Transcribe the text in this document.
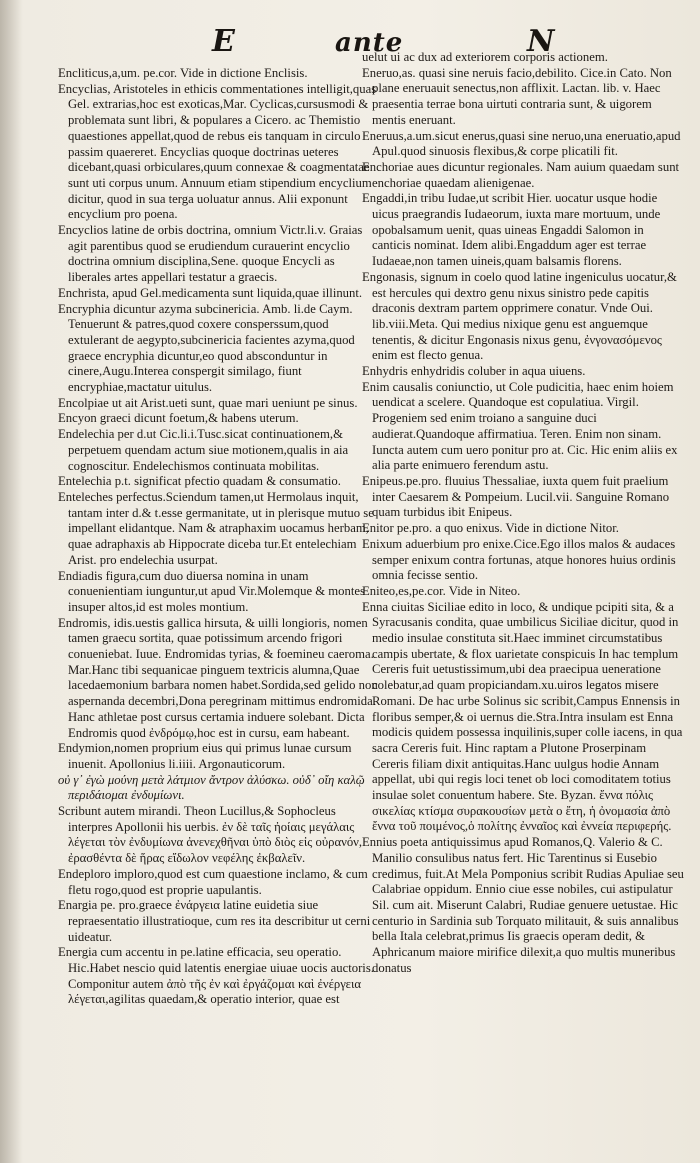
E	ante	N

Encliticus,a,um. pe.cor. Vide in dictione Enclisis.

Encyclias, Aristoteles in ethicis commentationes intelligit,quas Gel. extrarias,hoc est exoticas,Mar. Cyclicas,cursusmodi & problemata sunt libri, & populares a Cicero. ac Themistio quaestiones appellat,quod de rebus eis tanquam in circulo passim quaereret. Encyclias quoque doctrinas ueteres dicebant,quasi orbiculares,quum connexae & coagmentatae sunt uti corpus unum. Annuum etiam stipendium encyclium dicitur, quod in sua terga uoluatur annus. Alii exponunt encyclium pro poena.

Encyclios latine de orbis doctrina, omnium Victr.li.v. Graias agit parentibus quod se erudiendum curauerint encyclio doctrina omnium disciplina,Sene. quoque Encycli as liberales artes appellari testatur a graecis.

Enchrista, apud Gel.medicamenta sunt liquida,quae illinunt.

Encryphia dicuntur azyma subcinericia. Amb. li.de Caym. Tenuerunt & patres,quod coxere consperssum,quod extulerant de aegypto,subcinericia facientes azyma,quod graece encryphia dicuntur,eo quod absconduntur in cinere,Augu.Interea conspergit similago, fiunt encryphiae,mactatur uitulus.

Encolpiae ut ait Arist.ueti sunt, quae mari ueniunt pe sinus.

Encyon graeci dicunt foetum,& habens uterum.

Endelechia per d.ut Cic.li.i.Tusc.sicat continuationem,& perpetuem quendam actum siue motionem,qualis in aia cognoscitur. Endelechismos continuata mobilitas.

Entelechia p.t. significat pfectio quadam & consumatio.

Enteleches perfectus.Sciendum tamen,ut Hermolaus inquit, tantam inter d.& t.esse germanitate, ut in plerisque mutuo se impellant elidantque. Nam & atraphaxim uocamus herbam, quae adraphaxis ab Hippocrate diceba tur.Et entelechiam Arist. pro endelechia usurpat.

Endiadis figura,cum duo diuersa nomina in unam conuenientiam iunguntur,ut apud Vir.Molemque & montes insuper altos,id est moles montium.

Endromis, idis.uestis gallica hirsuta, & uilli longioris, nomen tamen graecu sortita, quae potissimum arcendo frigori conueniebat. Iuue. Endromidas tyrias, & foemineu caeroma. Mar.Hanc tibi sequanicae pinguem textricis alumna,Quae lacedaemonium barbara nomen habet.Sordida,sed gelido non aspernanda decembri,Dona peregrinam mittimus endromida. Hanc athletae post cursus certamia induere solebant. Dicta Endromis quod ἐνδρόμῳ,hoc est in cursu, eam habeant.

Endymion,nomen proprium eius qui primus lunae cursum inuenit. Apollonius li.iiii. Argonauticorum.

οὐ γ᾽ ἐγὼ μούνη μετὰ λάτμιον ἄντρον ἀλύσκω. οὐδ᾽ οἴη καλῷ περιδάιομαι ἐνδυμίωνι.

Scribunt autem mirandi. Theon Lucillus,& Sophocleus interpres Apollonii his uerbis. ἐν δὲ ταῖς ἠοίαις μεγάλαις λέγεται τὸν ἐνδυμίωνα ἀνενεχθῆναι ὑπὸ διὸς εἰς οὐρανόν, ἐρασθέντα δὲ ἥρας εἴδωλον νεφέλης ἐκβαλεῖν.

Endeploro imploro,quod est cum quaestione inclamo, & cum fletu rogo,quod est proprie uapulantis.

Enargia pe. pro.graece ἐνάργεια latine euidetia siue repraesentatio illustratioque, cum res ita describitur ut cerni uideatur.

Energia cum accentu in pe.latine efficacia, seu operatio. Hic.Habet nescio quid latentis energiae uiuae uocis auctoris. Componitur autem ἀπὸ τῆς ἐν καὶ ἐργάζομαι καὶ ἐνέργεια λέγεται,agilitas quaedam,& operatio interior, quae est

uelut ui ac dux ad exteriorem corporis actionem.

Eneruo,as. quasi sine neruis facio,debilito. Cice.in Cato. Non plane eneruauit senectus,non afflixit. Lactan. lib. v. Haec praesentia terrae bona uirtuti contraria sunt, & uigorem mentis eneruant.

Eneruus,a.um.sicut enerus,quasi sine neruo,una eneruatio,apud Apul.quod sinuosis flexibus,& corpe plicatili fit.

Enchoriae aues dicuntur regionales. Nam auium quaedam sunt enchoriae quaedam alienigenae.

Engaddi,in tribu Iudae,ut scribit Hier. uocatur usque hodie uicus praegrandis Iudaeorum, iuxta mare mortuum, unde opobalsamum uenit, quas uineas Engaddi Salomon in canticis nominat. Idem alibi.Engaddum ager est terrae Iudaeae,non tamen uineis,quam balsamis florens.

Engonasis, signum in coelo quod latine ingeniculus uocatur,& est hercules qui dextro genu nixus sinistro pede capitis draconis dextram partem opprimere conatur. Vnde Oui. lib.viii.Meta. Qui medius nixique genu est anguemque tenentis, & dicitur Engonasis nixus genu, ἐνγονασόμενος enim est flecto genua.

Enhydris enhydridis coluber in aqua uiuens.

Enim causalis coniunctio, ut Cole pudicitia, haec enim hoiem uendicat a scelere. Quandoque est copulatiua. Virgil. Progeniem sed enim troiano a sanguine duci audierat.Quandoque affirmatiua. Teren. Enim non sinam. Iuncta autem cum uero ponitur pro at. Cic. Hic enim aliis ex alia parte enimuero ferendum astu.

Enipeus.pe.pro. fluuius Thessaliae, iuxta quem fuit praelium inter Caesarem & Pompeium. Lucil.vii. Sanguine Romano quam turbidus ibit Enipeus.

Enitor pe.pro. a quo enixus. Vide in dictione Nitor.

Enixum aduerbium pro enixe.Cice.Ego illos malos & audaces semper enixum contra fortunas, atque honores huius ordinis omnia fecisse sentio.

Eniteo,es,pe.cor. Vide in Niteo.

Enna ciuitas Siciliae edito in loco, & undique pcipiti sita, & a Syracusanis condita, quae umbilicus Siciliae dicitur, quod in medio insulae constituta sit.Haec imminet circumstatibus campis ubertate, & flox uarietate conspicuis In hac templum Cereris fuit uetustissimum,ubi dea praecipua ueneratione colebatur,ad quam propiciandam.xu.uiros legatos misere Romani. De hac urbe Solinus sic scribit,Campus Ennensis in floribus semper,& oi uernus die.Stra.Intra insulam est Enna modicis quidem possessa inquilinis,super colle iacens, in qua sacra Cereris fuit. Hinc raptam a Plutone Proserpinam Cereris filiam dixit antiquitas.Hanc uulgus hodie Annam appellat, ubi qui regis loci tenet ob loci comoditatem totius insulae solet conuentum habere. Ste. Byzan. ἔννα πόλις σικελίας κτίσμα συρακουσίων μετὰ ο ἔτη, ἡ ὀνομασία ἀπὸ ἔννα τοῦ ποιμένος,ὁ πολίτης ἐνναῖος καὶ ἐννεία περιφερής.

Ennius poeta antiquissimus apud Romanos,Q. Valerio & C. Manilio consulibus natus fert. Hic Tarentinus si Eusebio credimus, fuit.At Mela Pomponius scribit Rudias Apuliae seu Calabriae oppidum. Ennio ciue esse nobiles, cui astipulatur Sil. cum ait. Miserunt Calabri, Rudiae genuere uetustae. Hic centurio in Sardinia sub Torquato militauit, & suis annalibus bella Itala celebrat,primus Iis graecis operam dedit, & Aphricanum maiore mirifice dilexit,a quo multis muneribus donatus
